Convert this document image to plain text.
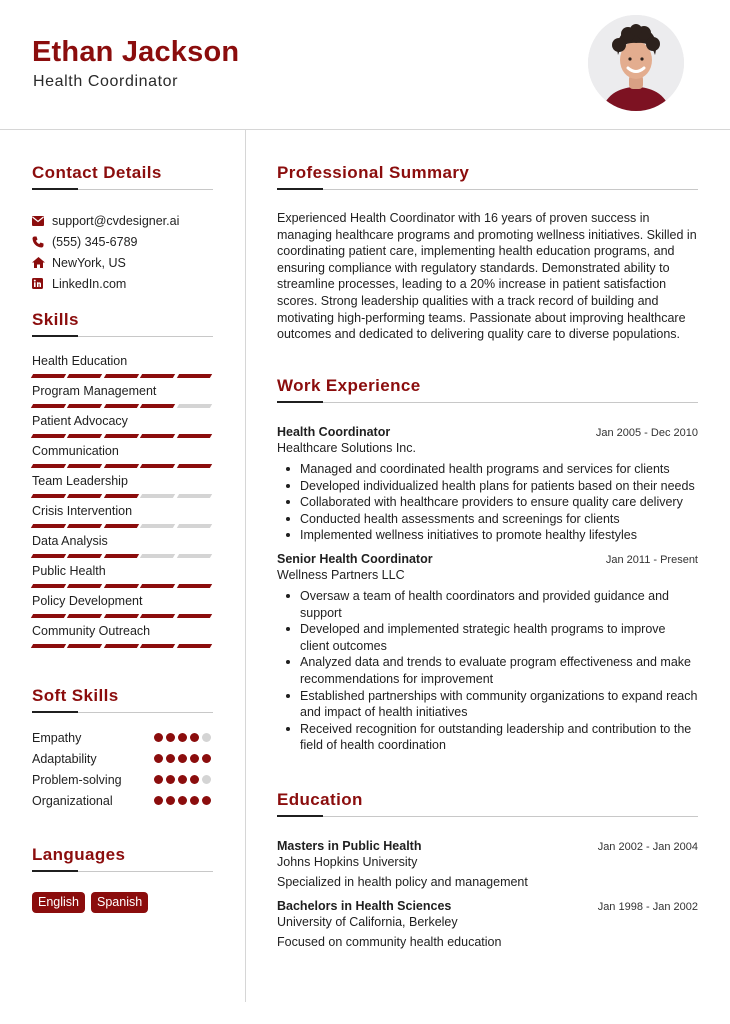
Ethan Jackson
Health Coordinator
Contact Details
support@cvdesigner.ai
(555) 345-6789
NewYork, US
LinkedIn.com
Skills
Health Education
Program Management
Patient Advocacy
Communication
Team Leadership
Crisis Intervention
Data Analysis
Public Health
Policy Development
Community Outreach
Soft Skills
Empathy
Adaptability
Problem-solving
Organizational
Languages
English	Spanish
Professional Summary

Experienced Health Coordinator with 16 years of proven success in managing healthcare programs and promoting wellness initiatives. Skilled in coordinating patient care, implementing health education programs, and ensuring compliance with regulatory standards. Demonstrated ability to streamline processes, leading to a 20% increase in patient satisfaction scores. Strong leadership qualities with a track record of building and motivating high-performing teams. Passionate about improving healthcare outcomes and dedicated to delivering quality care to diverse populations.

Work Experience
Health Coordinator	Jan 2005 - Dec 2010
Healthcare Solutions Inc.
Managed and coordinated health programs and services for clients
Developed individualized health plans for patients based on their needs
Collaborated with healthcare providers to ensure quality care delivery
Conducted health assessments and screenings for clients
Implemented wellness initiatives to promote healthy lifestyles
Senior Health Coordinator	Jan 2011 - Present
Wellness Partners LLC
Oversaw a team of health coordinators and provided guidance and support
Developed and implemented strategic health programs to improve client outcomes
Analyzed data and trends to evaluate program effectiveness and make recommendations for improvement
Established partnerships with community organizations to expand reach and impact of health initiatives
Received recognition for outstanding leadership and contribution to the field of health coordination
Education
Masters in Public Health	Jan 2002 - Jan 2004
Johns Hopkins University
Specialized in health policy and management
Bachelors in Health Sciences	Jan 1998 - Jan 2002
University of California, Berkeley
Focused on community health education
